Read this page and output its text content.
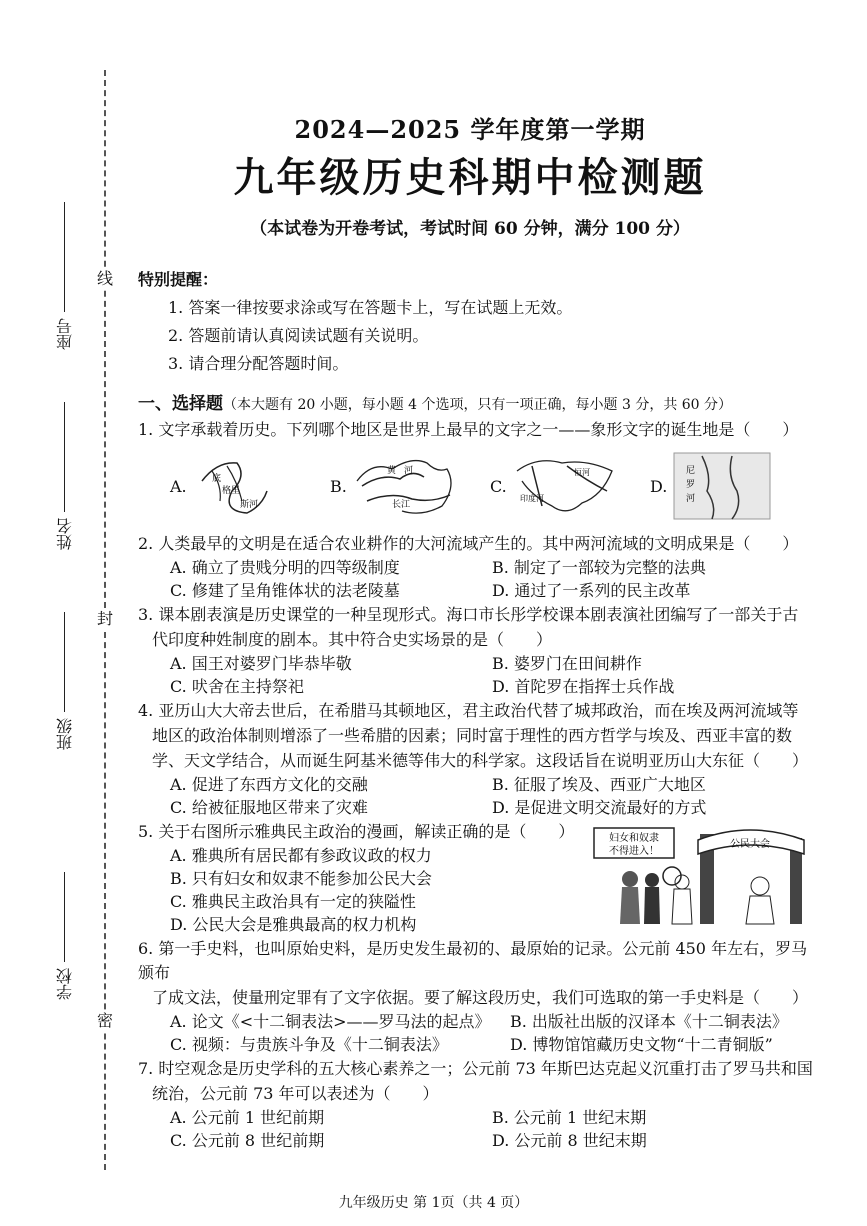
线
封
密
座号
姓名
班级
学校
2024—2025 学年度第一学期
九年级历史科期中检测题
（本试卷为开卷考试，考试时间 60 分钟，满分 100 分）
特别提醒：
1. 答案一律按要求涂或写在答题卡上，写在试题上无效。
2. 答题前请认真阅读试题有关说明。
3. 请合理分配答题时间。
一、选择题（本大题有 20 小题，每小题 4 个选项，只有一项正确，每小题 3 分，共 60 分）
1. 文字承载着历史。下列哪个地区是世界上最早的文字之一——象形文字的诞生地是（　　）
A.	底
格里
斯河
B.
黄 河
长江
C.
印度河
恒河
D.
尼
罗
河
2. 人类最早的文明是在适合农业耕作的大河流域产生的。其中两河流域的文明成果是（　　）
A. 确立了贵贱分明的四等级制度	B. 制定了一部较为完整的法典
C. 修建了呈角锥体状的法老陵墓	D. 通过了一系列的民主改革
3. 课本剧表演是历史课堂的一种呈现形式。海口市长彤学校课本剧表演社团编写了一部关于古
代印度种姓制度的剧本。其中符合史实场景的是（　　）
A. 国王对婆罗门毕恭毕敬	B. 婆罗门在田间耕作
C. 吠舍在主持祭祀	D. 首陀罗在指挥士兵作战
4. 亚历山大大帝去世后，在希腊马其顿地区，君主政治代替了城邦政治，而在埃及两河流域等
地区的政治体制则增添了一些希腊的因素；同时富于理性的西方哲学与埃及、西亚丰富的数
学、天文学结合，从而诞生阿基米德等伟大的科学家。这段话旨在说明亚历山大东征（　　）
A. 促进了东西方文化的交融	B. 征服了埃及、西亚广大地区
C. 给被征服地区带来了灾难	D. 是促进文明交流最好的方式
5. 关于右图所示雅典民主政治的漫画，解读正确的是（　　）
A. 雅典所有居民都有参政议政的权力
B. 只有妇女和奴隶不能参加公民大会
C. 雅典民主政治具有一定的狭隘性
D. 公民大会是雅典最高的权力机构
妇女和奴隶
不得进入！
公民大会
6. 第一手史料，也叫原始史料，是历史发生最初的、最原始的记录。公元前 450 年左右，罗马颁布
了成文法，使量刑定罪有了文字依据。要了解这段历史，我们可选取的第一手史料是（　　）
A. 论文《<十二铜表法>——罗马法的起点》	B. 出版社出版的汉译本《十二铜表法》
C. 视频：与贵族斗争及《十二铜表法》	D. 博物馆馆藏历史文物“十二青铜版”
7. 时空观念是历史学科的五大核心素养之一；公元前 73 年斯巴达克起义沉重打击了罗马共和国
统治，公元前 73 年可以表述为（　　）
A. 公元前 1 世纪前期	B. 公元前 1 世纪末期
C. 公元前 8 世纪前期	D. 公元前 8 世纪末期
九年级历史 第 1页（共 4 页）
